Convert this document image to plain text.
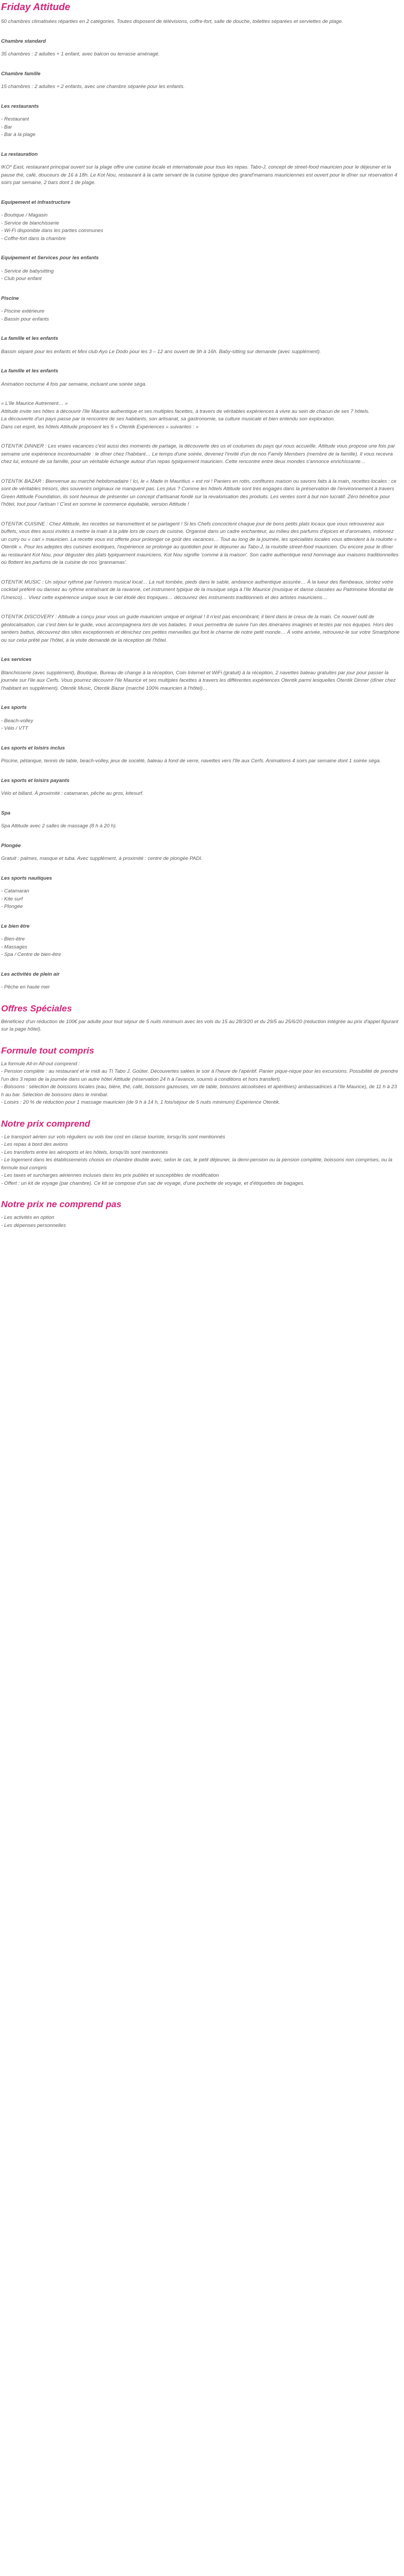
Friday Attitude

50 chambres climatisées réparties en 2 catégories. Toutes disposent de télévisions, coffre-fort, salle de douche, toilettes séparées et serviettes de plage.

Chambre standard

35 chambres : 2 adultes + 1 enfant, avec balcon ou terrasse aménagé.

Chambre famille

15 chambres : 2 adultes + 2 enfants, avec une chambre séparée pour les enfants.

Les restaurants

- Restaurant
- Bar
- Bar à la plage

La restauration

IKO* East, restaurant principal ouvert sur la plage offre une cuisine locale et internationale pour tous les repas. Tabo-J, concept de street-food mauricien pour le déjeuner et la pause thé, café, douceurs de 16 à 18h. Le Kot Nou, restaurant à la carte servant de la cuisine typique des grand'mamans mauriciennes est ouvert pour le dîner sur réservation 4 soirs par semaine, 2 bars dont 1 de plage.

Equipement et infrastructure

- Boutique / Magasin
- Service de blanchisserie
- Wi-Fi disponible dans les parties communes
- Coffre-fort dans la chambre

Equipement et Services pour les enfants

- Service de babysitting
- Club pour enfant

Piscine

- Piscine extérieure
- Bassin pour enfants

La famille et les enfants

Bassin séparé pour les enfants et Mini club Ayo Le Dodo pour les 3 – 12 ans ouvert de 9h à 16h. Baby-sitting sur demande (avec supplément).

La famille et les enfants

Animation nocturne 4 fois par semaine, incluant une soirée séga.

« L'Ile Maurice Autrement… »
Attitude invite ses hôtes à découvrir l'Ile Maurice authentique et ses multiples facettes, à travers de véritables expériences à vivre au sein de chacun de ses 7 hôtels.
La découverte d'un pays passe par la rencontre de ses habitants, son artisanat, sa gastronomie, sa culture musicale et bien entendu son exploration.
Dans cet esprit, les hôtels Attitude proposent les 5 « Otentik Expériences » suivantes : »

OTENTIK DINNER : Les vraies vacances c'est aussi des moments de partage, la découverte des us et coutumes du pays qui nous accueille. Attitude vous propose une fois par semaine une expérience incontournable : le dîner chez l'habitant… Le temps d'une soirée, devenez l'invité d'un de nos Family Members (membre de la famille). Il vous recevra chez lui, entouré de sa famille, pour un véritable échange autour d'un repas typiquement mauricien. Cette rencontre entre deux mondes s'annonce enrichissante…

OTENTIK BAZAR : Bienvenue au marché hebdomadaire ! Ici, le « Made in Mauritius » est roi ! Paniers en rotin, confitures maison ou savons faits à la main, recettes locales : ce sont de véritables trésors, des souvenirs originaux ne manquent pas. Les plus ? Comme les hôtels Attitude sont très engagés dans la préservation de l'environnement à travers Green Attitude Foundation, ils sont heureux de présenter un concept d'artisanat fondé sur la revalorisation des produits. Les ventes sont à but non lucratif. Zéro bénéfice pour l'hôtel, tout pour l'artisan ! C'est en somme le commerce équitable, version Attitude !

OTENTIK CUISINE : Chez Attitude, les recettes se transmettent et se partagent ! Si les Chefs concoctent chaque jour de bons petits plats locaux que vous retrouverez aux buffets, vous êtes aussi invités à mettre la main à la pâte lors de cours de cuisine. Organisé dans un cadre enchanteur, au milieu des parfums d'épices et d'aromates, mitonnez un curry ou « cari » mauricien. La recette vous est offerte pour prolonger ce goût des vacances… Tout au long de la journée, les spécialités locales vous attendent à la roulotte « Otentik ». Pour les adeptes des cuisines exotiques, l'expérience se prolonge au quotidien pour le déjeuner au Tabo-J, la roulotte street-food mauricien. Ou encore pour le dîner au restaurant Kot Nou, pour déguster des plats typiquement mauriciens. Kot Nou signifie 'comme à la maison'. Son cadre authentique rend hommage aux maisons traditionnelles où flottent les parfums de la cuisine de nos 'grannamas'.

OTENTIK MUSIC : Un séjour rythmé par l'univers musical local… La nuit tombée, pieds dans le sable, ambiance authentique assurée… À la lueur des flambeaux, sirotez votre cocktail préféré ou dansez au rythme entraînant de la ravanne, cet instrument typique de la musique séga à l'Ile Maurice (musique et danse classées au Patrimoine Mondial de l'Unesco)… Vivez cette expérience unique sous le ciel étoilé des tropiques… découvrez des instruments traditionnels et des artistes mauriciens…

OTENTIK DISCOVERY : Attitude a conçu pour vous un guide mauricien unique et original ! Il n'est pas encombrant, il tient dans le creux de la main. Ce nouvel outil de géolocalisation, car c'est bien lui le guide, vous accompagnera lors de vos balades. Il vous permettra de suivre l'un des itinéraires imaginés et testés par nos équipes. Hors des sentiers battus, découvrez des sites exceptionnels et dénichez ces petites merveilles qui font le charme de notre petit monde… À votre arrivée, retrouvez-le sur votre Smartphone ou sur celui prêté par l'hôtel, à la visite demandé de la réception de l'hôtel.

Les services

Blanchisserie (avec supplément), Boutique, Bureau de change à la réception, Coin Internet et WiFi (gratuit) à la réception, 2 navettes bateau gratuites par jour pour passer la journée sur l'île aux Cerfs. Vous pourrez découvrir l'Ile Maurice et ses multiples facettes à travers les différentes expériences Otentik parmi lesquelles Otentik Dinner (dîner chez l'habitant en supplément), Otentik Music, Otentik Bazar (marché 100% mauricien à l'hôtel)…

Les sports

- Beach-volley
- Vélo / VTT

Les sports et loisirs inclus

Piscine, pétanque, tennis de table, beach-volley, jeux de société, bateau à fond de verre, navettes vers l'île aux Cerfs. Animations 4 soirs par semaine dont 1 soirée séga.

Les sports et loisirs payants

Vélo et billard. À proximité : catamaran, pêche au gros, kitesurf.

Spa

Spa Attitude avec 2 salles de massage (8 h à 20 h).

Plongée

Gratuit : palmes, masque et tuba. Avec supplément, à proximité : centre de plongée PADI.

Les sports nautiques

- Catamaran
- Kite surf
- Plongée

Le bien être

- Bien-être
- Massages
- Spa / Centre de bien-être

Les activités de plein air

- Pêche en haute mer

Offres Spéciales

Bénéficiez d'un réduction de 100€ par adulte pour tout séjour de 5 nuits minimum avec les vols du 15 au 28/3/20 et du 29/5 au 25/6/20 (réduction intégrée au prix d'appel figurant sur la page hôtel).

Formule tout compris

La formule All-in All-out comprend :
- Pension complète : au restaurant et le midi au TI Tabo J. Goûter. Découvertes salées le soir à l'heure de l'apéritif. Panier pique-nique pour les excursions. Possibilité de prendre l'un des 3 repas de la journée dans un autre hôtel Attitude (réservation 24 h à l'avance, soumis à conditions et hors transfert).
- Boissons : sélection de boissons locales (eau, bière, thé, café, boissons gazeuses, vin de table, boissons alcoolisées et apéritives) ambassadrices à l'Ile Maurice), de 11 h à 23 h au bar. Sélection de boissons dans le minibar.
- Loisirs : 20 % de réduction pour 1 massage mauricien (de 9 h à 14 h, 1 fois/séjour de 5 nuits minimum) Expérience Otentik.

Notre prix comprend

- Le transport aérien sur vols réguliers ou vols low cost en classe touriste, lorsqu'ils sont mentionnés
- Les repas à bord des avions
- Les transferts entre les aéroports et les hôtels, lorsqu'ils sont mentionnés
- Le logement dans les établissements choisis en chambre double avec, selon le cas, le petit déjeuner, la demi-pension ou la pension complète, boissons non comprises, ou la formule tout compris
- Les taxes et surcharges aériennes incluses dans les prix publiés et susceptibles de modification
- Offert : un kit de voyage (par chambre). Ce kit se compose d'un sac de voyage, d'une pochette de voyage, et d'étiquettes de bagages.

Notre prix ne comprend pas

- Les activités en option
- Les dépenses personnelles
